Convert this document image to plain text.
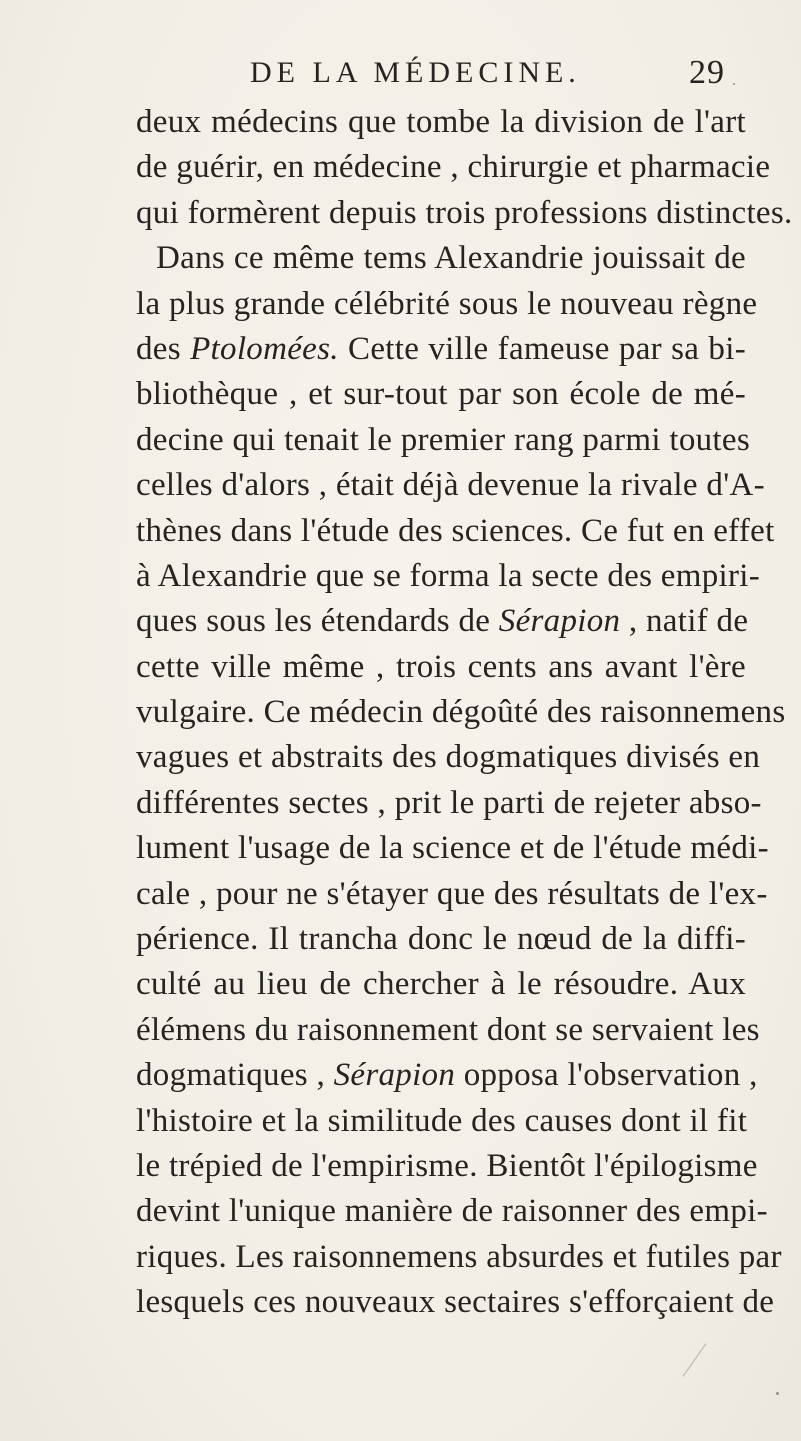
DE LA MÉDECINE.	29
deux médecins que tombe la division de l'art
de guérir, en médecine , chirurgie et pharmacie
qui formèrent depuis trois professions distinctes.
Dans ce même tems Alexandrie jouissait de
la plus grande célébrité sous le nouveau règne
des Ptolomées. Cette ville fameuse par sa bi-
bliothèque , et sur-tout par son école de mé-
decine qui tenait le premier rang parmi toutes
celles d'alors , était déjà devenue la rivale d'A-
thènes dans l'étude des sciences. Ce fut en effet
à Alexandrie que se forma la secte des empiri-
ques sous les étendards de Sérapion , natif de
cette ville même , trois cents ans avant l'ère
vulgaire. Ce médecin dégoûté des raisonnemens
vagues et abstraits des dogmatiques divisés en
différentes sectes , prit le parti de rejeter abso-
lument l'usage de la science et de l'étude médi-
cale , pour ne s'étayer que des résultats de l'ex-
périence. Il trancha donc le nœud de la diffi-
culté au lieu de chercher à le résoudre. Aux
élémens du raisonnement dont se servaient les
dogmatiques , Sérapion opposa l'observation ,
l'histoire et la similitude des causes dont il fit
le trépied de l'empirisme. Bientôt l'épilogisme
devint l'unique manière de raisonner des empi-
riques. Les raisonnemens absurdes et futiles par
lesquels ces nouveaux sectaires s'efforçaient de
